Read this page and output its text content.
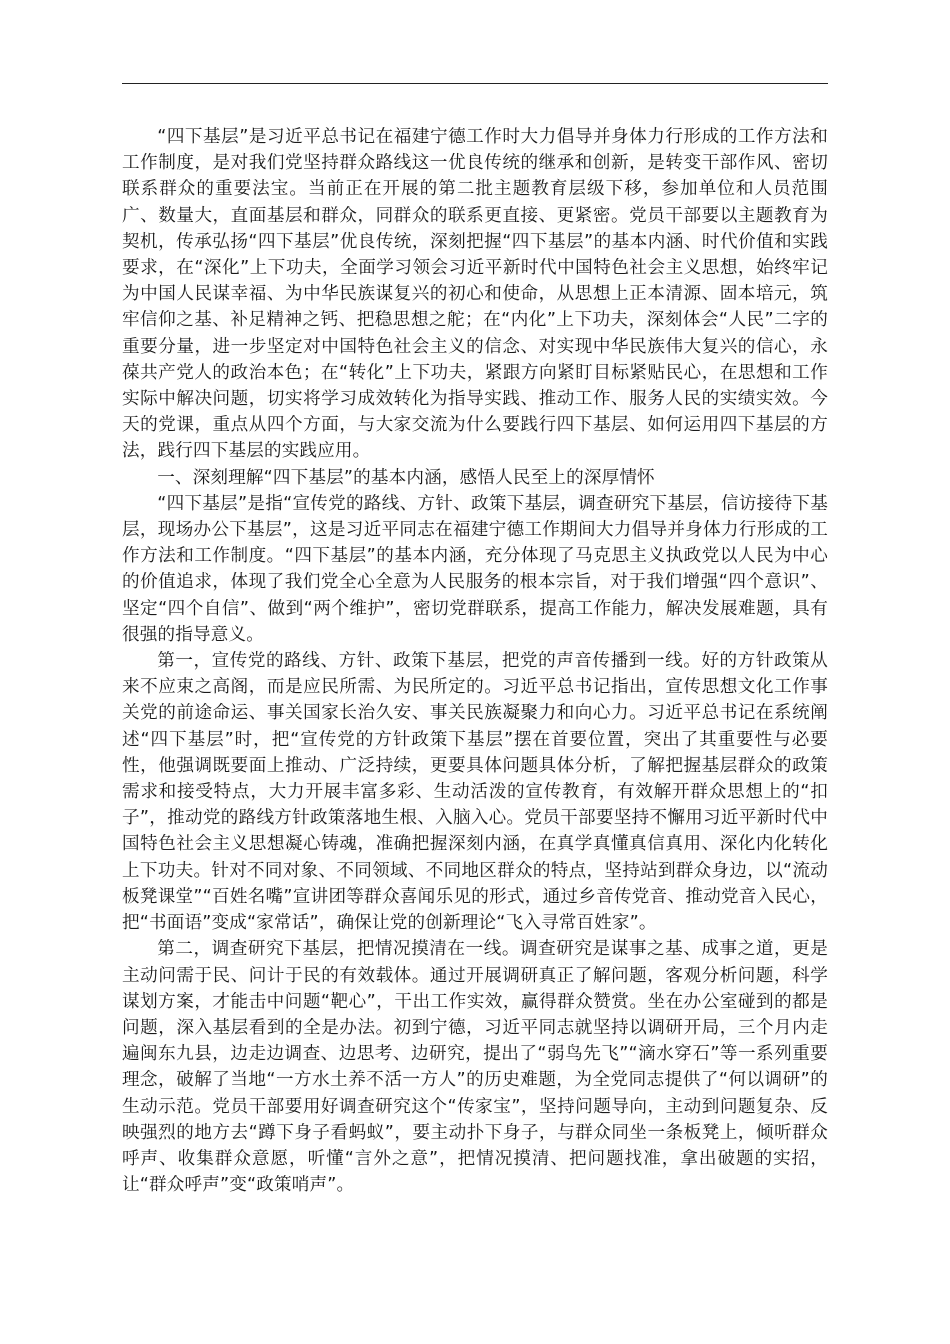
“四下基层”是习近平总书记在福建宁德工作时大力倡导并身体力行形成的工作方法和工作制度，是对我们党坚持群众路线这一优良传统的继承和创新，是转变干部作风、密切联系群众的重要法宝。当前正在开展的第二批主题教育层级下移，参加单位和人员范围广、数量大，直面基层和群众，同群众的联系更直接、更紧密。党员干部要以主题教育为契机，传承弘扬“四下基层”优良传统，深刻把握“四下基层”的基本内涵、时代价值和实践要求，在“深化”上下功夫，全面学习领会习近平新时代中国特色社会主义思想，始终牢记为中国人民谋幸福、为中华民族谋复兴的初心和使命，从思想上正本清源、固本培元，筑牢信仰之基、补足精神之钙、把稳思想之舵；在“内化”上下功夫，深刻体会“人民”二字的重要分量，进一步坚定对中国特色社会主义的信念、对实现中华民族伟大复兴的信心，永葆共产党人的政治本色；在“转化”上下功夫，紧跟方向紧盯目标紧贴民心，在思想和工作实际中解决问题，切实将学习成效转化为指导实践、推动工作、服务人民的实绩实效。今天的党课，重点从四个方面，与大家交流为什么要践行四下基层、如何运用四下基层的方法，践行四下基层的实践应用。

一、深刻理解“四下基层”的基本内涵，感悟人民至上的深厚情怀

“四下基层”是指“宣传党的路线、方针、政策下基层，调查研究下基层，信访接待下基层，现场办公下基层”，这是习近平同志在福建宁德工作期间大力倡导并身体力行形成的工作方法和工作制度。“四下基层”的基本内涵，充分体现了马克思主义执政党以人民为中心的价值追求，体现了我们党全心全意为人民服务的根本宗旨，对于我们增强“四个意识”、坚定“四个自信”、做到“两个维护”，密切党群联系，提高工作能力，解决发展难题，具有很强的指导意义。

第一，宣传党的路线、方针、政策下基层，把党的声音传播到一线。好的方针政策从来不应束之高阁，而是应民所需、为民所定的。习近平总书记指出，宣传思想文化工作事关党的前途命运、事关国家长治久安、事关民族凝聚力和向心力。习近平总书记在系统阐述“四下基层”时，把“宣传党的方针政策下基层”摆在首要位置，突出了其重要性与必要性，他强调既要面上推动、广泛持续，更要具体问题具体分析，了解把握基层群众的政策需求和接受特点，大力开展丰富多彩、生动活泼的宣传教育，有效解开群众思想上的“扣子”，推动党的路线方针政策落地生根、入脑入心。党员干部要坚持不懈用习近平新时代中国特色社会主义思想凝心铸魂，准确把握深刻内涵，在真学真懂真信真用、深化内化转化上下功夫。针对不同对象、不同领域、不同地区群众的特点，坚持站到群众身边，以“流动板凳课堂”“百姓名嘴”宣讲团等群众喜闻乐见的形式，通过乡音传党音、推动党音入民心，把“书面语”变成“家常话”，确保让党的创新理论“飞入寻常百姓家”。

第二，调查研究下基层，把情况摸清在一线。调查研究是谋事之基、成事之道，更是主动问需于民、问计于民的有效载体。通过开展调研真正了解问题，客观分析问题，科学谋划方案，才能击中问题“靶心”，干出工作实效，赢得群众赞赏。坐在办公室碰到的都是问题，深入基层看到的全是办法。初到宁德，习近平同志就坚持以调研开局，三个月内走遍闽东九县，边走边调查、边思考、边研究，提出了“弱鸟先飞”“滴水穿石”等一系列重要理念，破解了当地“一方水土养不活一方人”的历史难题，为全党同志提供了“何以调研”的生动示范。党员干部要用好调查研究这个“传家宝”，坚持问题导向，主动到问题复杂、反映强烈的地方去“蹲下身子看蚂蚁”，要主动扑下身子，与群众同坐一条板凳上，倾听群众呼声、收集群众意愿，听懂“言外之意”，把情况摸清、把问题找准，拿出破题的实招，让“群众呼声”变“政策哨声”。
